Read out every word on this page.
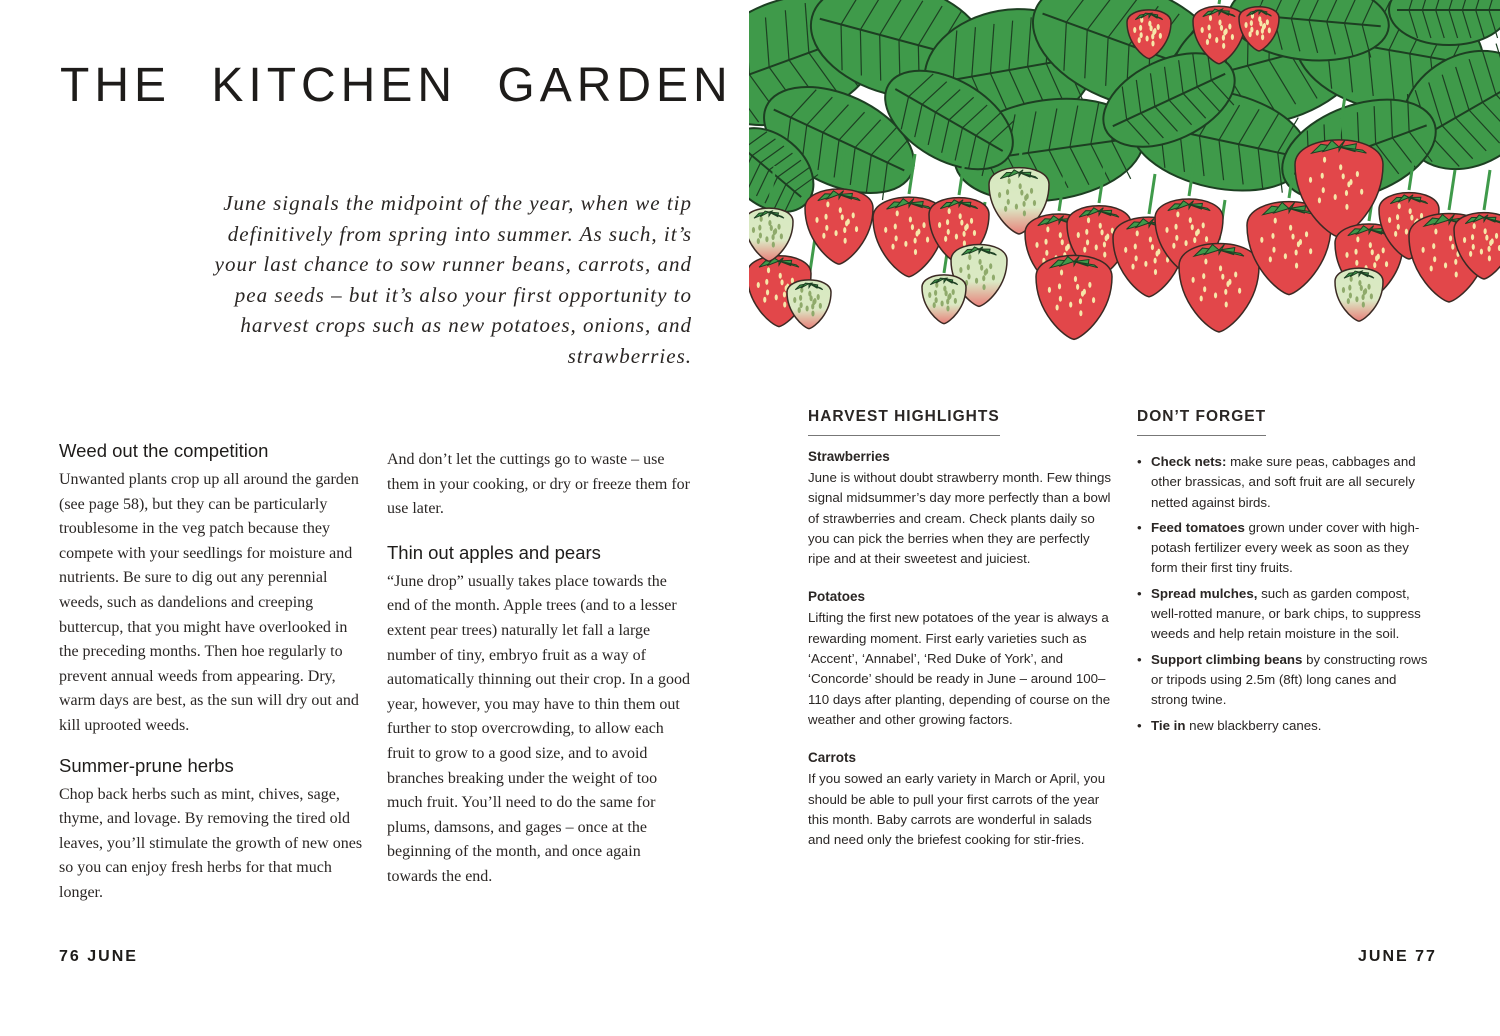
THE KITCHEN GARDEN

June signals the midpoint of the year, when we tip definitively from spring into summer. As such, it’s your last chance to sow runner beans, carrots, and pea seeds – but it’s also your first opportunity to harvest crops such as new potatoes, onions, and strawberries.

Weed out the competition

Unwanted plants crop up all around the garden (see page 58), but they can be particularly troublesome in the veg patch because they compete with your seedlings for moisture and nutrients. Be sure to dig out any perennial weeds, such as dandelions and creeping buttercup, that you might have overlooked in the preceding months. Then hoe regularly to prevent annual weeds from appearing. Dry, warm days are best, as the sun will dry out and kill uprooted weeds.

Summer-prune herbs

Chop back herbs such as mint, chives, sage, thyme, and lovage. By removing the tired old leaves, you’ll stimulate the growth of new ones so you can enjoy fresh herbs for that much longer.

And don’t let the cuttings go to waste – use them in your cooking, or dry or freeze them for use later.

Thin out apples and pears

“June drop” usually takes place towards the end of the month. Apple trees (and to a lesser extent pear trees) naturally let fall a large number of tiny, embryo fruit as a way of automatically thinning out their crop. In a good year, however, you may have to thin them out further to stop overcrowding, to allow each fruit to grow to a good size, and to avoid branches breaking under the weight of too much fruit. You’ll need to do the same for plums, damsons, and gages – once at the beginning of the month, and once again towards the end.

76 JUNE
HARVEST HIGHLIGHTS
Strawberries

June is without doubt strawberry month. Few things signal midsummer’s day more perfectly than a bowl of strawberries and cream. Check plants daily so you can pick the berries when they are perfectly ripe and at their sweetest and juiciest.

Potatoes

Lifting the first new potatoes of the year is always a rewarding moment. First early varieties such as ‘Accent’, ‘Annabel’, ‘Red Duke of York’, and ‘Concorde’ should be ready in June – around 100–110 days after planting, depending of course on the weather and other growing factors.

Carrots

If you sowed an early variety in March or April, you should be able to pull your first carrots of the year this month. Baby carrots are wonderful in salads and need only the briefest cooking for stir-fries.

DON’T FORGET
• Check nets: make sure peas, cabbages and other brassicas, and soft fruit are all securely netted against birds.
• Feed tomatoes grown under cover with high-potash fertilizer every week as soon as they form their first tiny fruits.
• Spread mulches, such as garden compost, well-rotted manure, or bark chips, to suppress weeds and help retain moisture in the soil.
• Support climbing beans by constructing rows or tripods using 2.5m (8ft) long canes and strong twine.
• Tie in new blackberry canes.
JUNE 77
